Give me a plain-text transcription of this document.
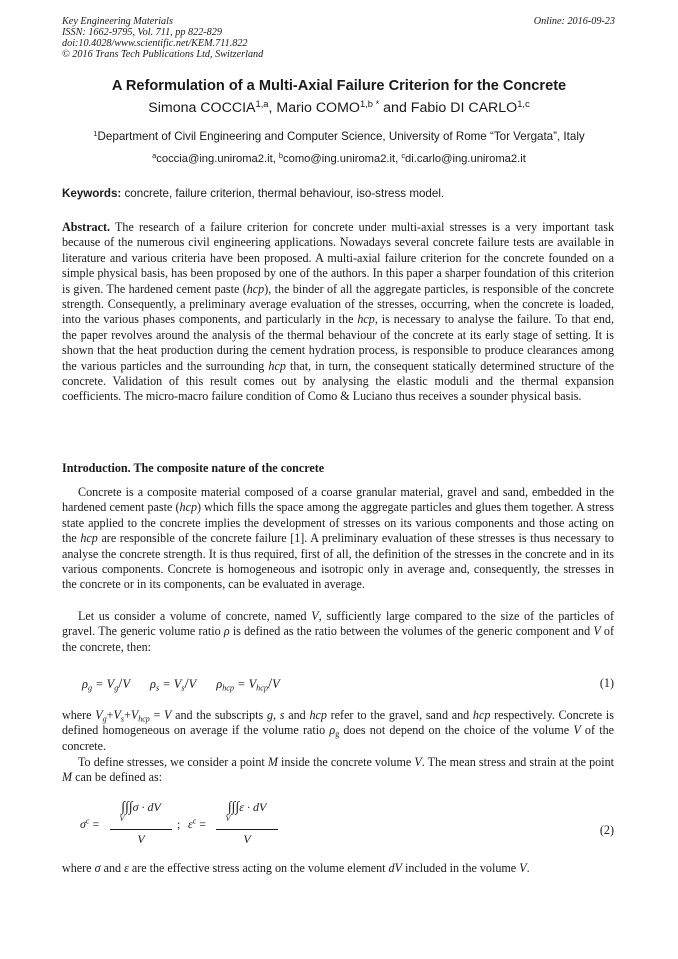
Key Engineering Materials
ISSN: 1662-9795, Vol. 711, pp 822-829
doi:10.4028/www.scientific.net/KEM.711.822
© 2016 Trans Tech Publications Ltd, Switzerland
Online: 2016-09-23
A Reformulation of a Multi-Axial Failure Criterion for the Concrete
Simona COCCIA$^{1,a}$, Mario $COMO^{1,b *}$ and Fabio DI CARLO$^{1,c}$
$^1$Department of Civil Engineering and Computer Science, University of Rome “Tor Vergata”, Italy
$^a$coccia@ing.uniroma2.it, $^b$como@ing.uniroma2.it, $^c$di.carlo@ing.uniroma2.it
Keywords: concrete, failure criterion, thermal behaviour, iso-stress model.
Abstract. The research of a failure criterion for concrete under multi-axial stresses is a very important task because of the numerous civil engineering applications. Nowadays several concrete failure tests are available in literature and various criteria have been proposed. A multi-axial failure criterion for the concrete founded on a simple physical basis, has been proposed by one of the authors. In this paper a sharper foundation of this criterion is given. The hardened cement paste (hcp), the binder of all the aggregate particles, is responsible of the concrete strength. Consequently, a preliminary average evaluation of the stresses, occurring, when the concrete is loaded, into the various phases components, and particularly in the hcp, is necessary to analyse the failure. To that end, the paper revolves around the analysis of the thermal behaviour of the concrete at its early stage of setting. It is shown that the heat production during the cement hydration process, is responsible to produce clearances among the various particles and the surrounding hcp that, in turn, the consequent statically determined structure of the concrete. Validation of this result comes out by analysing the elastic moduli and the thermal expansion coefficients. The micro-macro failure condition of Como & Luciano thus receives a sounder physical basis.
Introduction. The composite nature of the concrete
Concrete is a composite material composed of a coarse granular material, gravel and sand, embedded in the hardened cement paste (hcp) which fills the space among the aggregate particles and glues them together. A stress state applied to the concrete implies the development of stresses on its various components and those acting on the hcp are responsible of the concrete failure [1]. A preliminary evaluation of these stresses is thus necessary to analyse the concrete strength. It is thus required, first of all, the definition of the stresses in the concrete and in its various components. Concrete is homogeneous and isotropic only in average and, consequently, the stresses in the concrete or in its components, can be evaluated in average.
Let us consider a volume of concrete, named V, sufficiently large compared to the size of the particles of gravel. The generic volume ratio ρ is defined as the ratio between the volumes of the generic component and V of the concrete, then:
$\rho_g = V_g/V$ $\rho_s = V_s/V$ $\rho_{hcp} = V_{hcp}/V$	(1)
where $V_g+V_s+V_{hcp} = V$ and the subscripts g, s and hcp refer to the gravel, sand and hcp respectively. Concrete is defined homogeneous on average if the volume ratio $\rho_g$ does not depend on the choice of the volume V of the concrete.
To define stresses, we consider a point M inside the concrete volume V. The mean stress and strain at the point M can be defined as:
$\sigma^c$ =
∫∫∫σ · dV
V
V
; $\varepsilon^c$ =
∫∫∫ε · dV
V
V
(2)
where σ and ε are the effective stress acting on the volume element dV included in the volume V.
